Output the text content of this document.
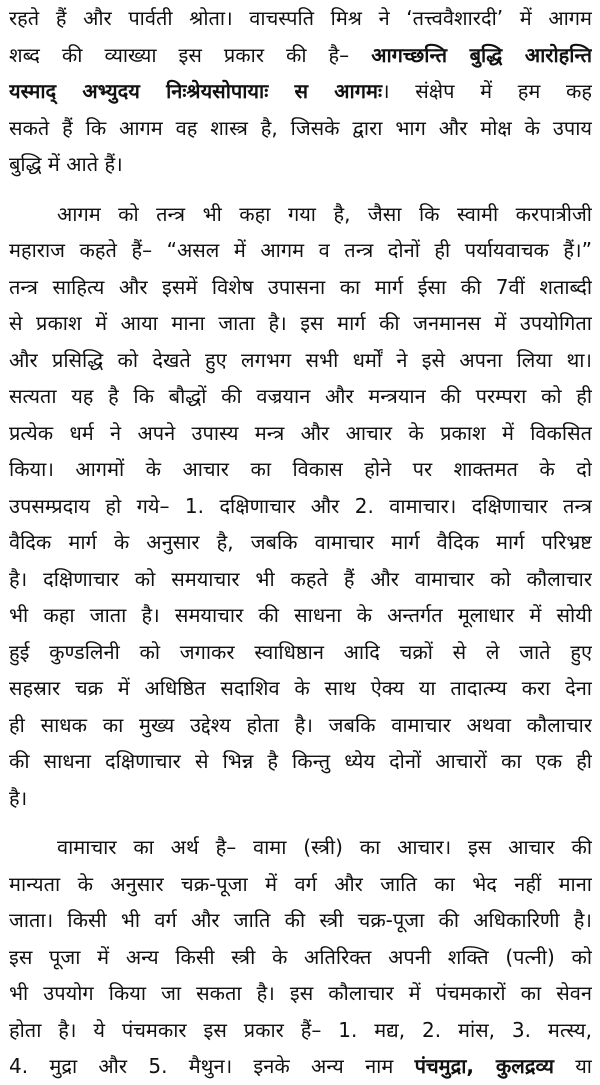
रहते हैं और पार्वती श्रोता। वाचस्पति मिश्र ने ‘तत्त्ववैशारदी’ में आगम
शब्द की व्याख्या इस प्रकार की है– आगच्छन्ति बुद्धि आरोहन्ति
यस्माद् अभ्युदय निःश्रेयसोपायाः स आगमः। संक्षेप में हम कह
सकते हैं कि आगम वह शास्त्र है, जिसके द्वारा भाग और मोक्ष के उपाय
बुद्धि में आते हैं।
आगम को तन्त्र भी कहा गया है, जैसा कि स्वामी करपात्रीजी
महाराज कहते हैं– “असल में आगम व तन्त्र दोनों ही पर्यायवाचक हैं।”
तन्त्र साहित्य और इसमें विशेष उपासना का मार्ग ईसा की 7वीं शताब्दी
से प्रकाश में आया माना जाता है। इस मार्ग की जनमानस में उपयोगिता
और प्रसिद्धि को देखते हुए लगभग सभी धर्मों ने इसे अपना लिया था।
सत्यता यह है कि बौद्धों की वज्रयान और मन्त्रयान की परम्परा को ही
प्रत्येक धर्म ने अपने उपास्य मन्त्र और आचार के प्रकाश में विकसित
किया। आगमों के आचार का विकास होने पर शाक्तमत के दो
उपसम्प्रदाय हो गये– 1. दक्षिणाचार और 2. वामाचार। दक्षिणाचार तन्त्र
वैदिक मार्ग के अनुसार है, जबकि वामाचार मार्ग वैदिक मार्ग परिभ्रष्ट
है। दक्षिणाचार को समयाचार भी कहते हैं और वामाचार को कौलाचार
भी कहा जाता है। समयाचार की साधना के अन्तर्गत मूलाधार में सोयी
हुई कुण्डलिनी को जगाकर स्वाधिष्ठान आदि चक्रों से ले जाते हुए
सहस्रार चक्र में अधिष्ठित सदाशिव के साथ ऐक्य या तादात्म्य करा देना
ही साधक का मुख्य उद्देश्य होता है। जबकि वामाचार अथवा कौलाचार
की साधना दक्षिणाचार से भिन्न है किन्तु ध्येय दोनों आचारों का एक ही
है।
वामाचार का अर्थ है– वामा (स्त्री) का आचार। इस आचार की
मान्यता के अनुसार चक्र-पूजा में वर्ग और जाति का भेद नहीं माना
जाता। किसी भी वर्ग और जाति की स्त्री चक्र-पूजा की अधिकारिणी है।
इस पूजा में अन्य किसी स्त्री के अतिरिक्त अपनी शक्ति (पत्नी) को
भी उपयोग किया जा सकता है। इस कौलाचार में पंचमकारों का सेवन
होता है। ये पंचमकार इस प्रकार हैं– 1. मद्य, 2. मांस, 3. मत्स्य,
4. मुद्रा और 5. मैथुन। इनके अन्य नाम पंचमुद्रा, कुलद्रव्य या
